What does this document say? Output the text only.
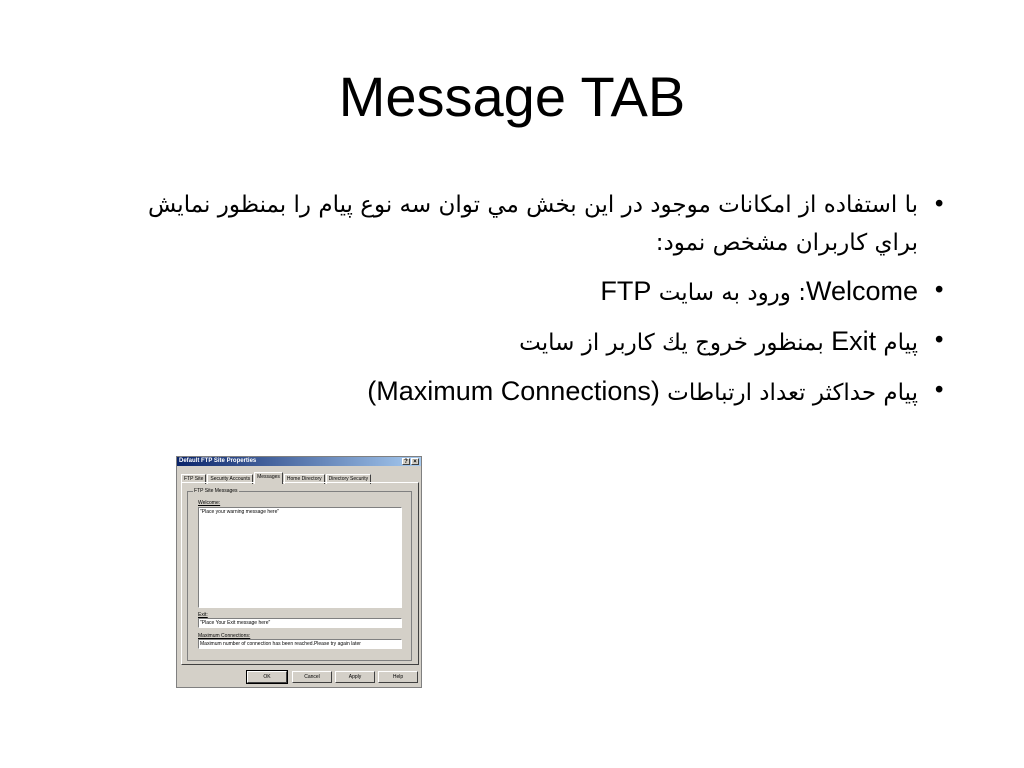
Message TAB
•
با استفاده از امكانات موجود در اين بخش مي توان سه نوع پيام را بمنظور نمايش براي كاربران مشخص نمود:
•
Welcome: ورود به سايت FTP
•
پيام Exit بمنظور خروج يك كاربر از سايت
•
پيام حداكثر تعداد ارتباطات (Maximum Connections)
Default FTP Site Properties	? ×
FTP Site	Security Accounts	Messages	Home Directory	Directory Security
FTP Site Messages
Welcome:
"Place your warning message here"
Exit:
"Place Your Exit message here"
Maximum Connections:
Maximum number of connection has been reached.Please try again later
OK	Cancel	Apply	Help
